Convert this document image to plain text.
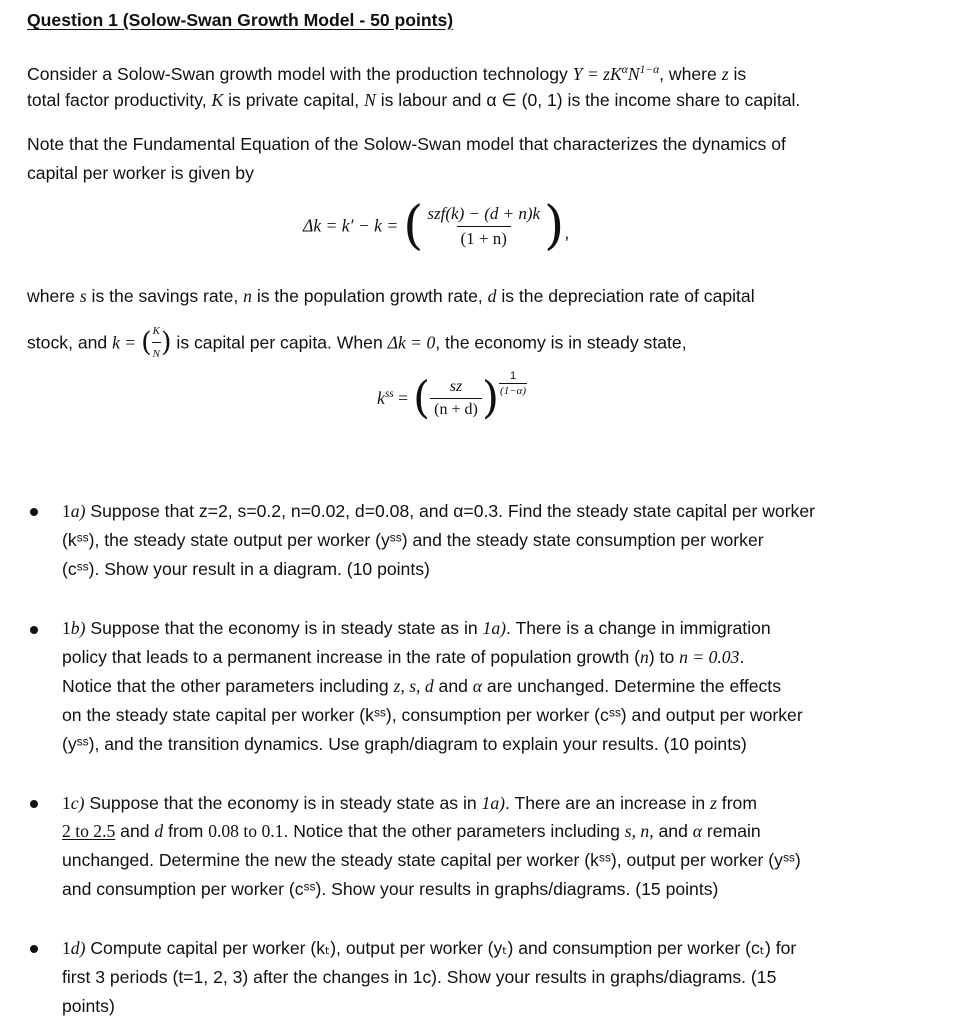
Question 1 (Solow-Swan Growth Model - 50 points)
Consider a Solow-Swan growth model with the production technology $Y = zK^\alpha N^{1-\alpha}$, where z is
total factor productivity, K is private capital, N is labour and α ∈ (0, 1) is the income share to capital.
Note that the Fundamental Equation of the Solow-Swan model that characterizes the dynamics of
capital per worker is given by
Δk = k′ − k = ( $\frac{\text{szf(k) − (d + n)k}}{(1 + n)}$ ),
where s is the savings rate, n is the population growth rate, d is the depreciation rate of capital
stock, and k = ( $\frac{K}{N}$ ) is capital per capita. When Δk = 0, the economy is in steady state,
$k^{ss}$ = ( $\frac{sz}{(n + d)}$ ) $\frac{1}{(1-\alpha)}$
1a) Suppose that z=2, s=0.2, n=0.02, d=0.08, and α=0.3. Find the steady state capital per worker
(kˢˢ), the steady state output per worker (yˢˢ) and the steady state consumption per worker
(cˢˢ). Show your result in a diagram. (10 points)
1b) Suppose that the economy is in steady state as in 1a). There is a change in immigration
policy that leads to a permanent increase in the rate of population growth (n) to n = 0.03.
Notice that the other parameters including z, s, d and α are unchanged. Determine the effects
on the steady state capital per worker (kˢˢ), consumption per worker (cˢˢ) and output per worker
(yˢˢ), and the transition dynamics. Use graph/diagram to explain your results. (10 points)
1c) Suppose that the economy is in steady state as in 1a). There are an increase in z from
2 to 2.5 and d from 0.08 to 0.1. Notice that the other parameters including s, n, and α remain
unchanged. Determine the new the steady state capital per worker (kˢˢ), output per worker (yˢˢ)
and consumption per worker (cˢˢ). Show your results in graphs/diagrams. (15 points)
1d) Compute capital per worker (kₜ), output per worker (yₜ) and consumption per worker (cₜ) for
first 3 periods (t=1, 2, 3) after the changes in 1c). Show your results in graphs/diagrams. (15
points)
